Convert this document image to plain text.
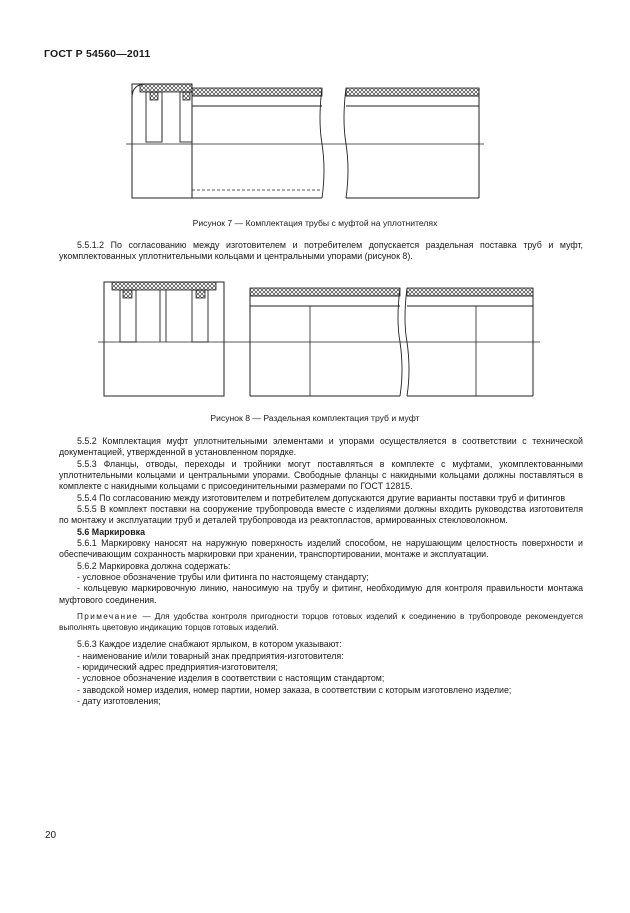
ГОСТ Р 54560—2011
Рисунок 7 — Комплектация трубы с муфтой на уплотнителях

5.5.1.2 По согласованию между изготовителем и потребителем допускается раздельная поставка труб и муфт, укомплектованных уплотнительными кольцами и центральными упорами (рисунок 8).

Рисунок 8 — Раздельная комплектация труб и муфт

5.5.2 Комплектация муфт уплотнительными элементами и упорами осуществляется в соответствии с технической документацией, утвержденной в установленном порядке.

5.5.3 Фланцы, отводы, переходы и тройники могут поставляться в комплекте с муфтами, укомплектованными уплотнительными кольцами и центральными упорами. Свободные фланцы с накидными кольцами должны поставляться в комплекте с накидными кольцами с присоединительными размерами по ГОСТ 12815.

5.5.4 По согласованию между изготовителем и потребителем допускаются другие варианты поставки труб и фитингов

5.5.5 В комплект поставки на сооружение трубопровода вместе с изделиями должны входить руководства изготовителя по монтажу и эксплуатации труб и деталей трубопровода из реактопластов, армированных стекловолокном.

5.6 Маркировка

5.6.1 Маркировку наносят на наружную поверхность изделий способом, не нарушающим целостность поверхности и обеспечивающим сохранность маркировки при хранении, транспортировании, монтаже и эксплуатации.

5.6.2 Маркировка должна содержать:

- условное обозначение трубы или фитинга по настоящему стандарту;

- кольцевую маркировочную линию, наносимую на трубу и фитинг, необходимую для контроля правильности монтажа муфтового соединения.

Примечание — Для удобства контроля пригодности торцов готовых изделий к соединению в трубопроводе рекомендуется выполнять цветовую индикацию торцов готовых изделий.

5.6.3 Каждое изделие снабжают ярлыком, в котором указывают:

- наименование и/или товарный знак предприятия-изготовителя:

- юридический адрес предприятия-изготовителя;

- условное обозначение изделия в соответствии с настоящим стандартом;

- заводской номер изделия, номер партии, номер заказа, в соответствии с которым изготовлено изделие;

- дату изготовления;

20
